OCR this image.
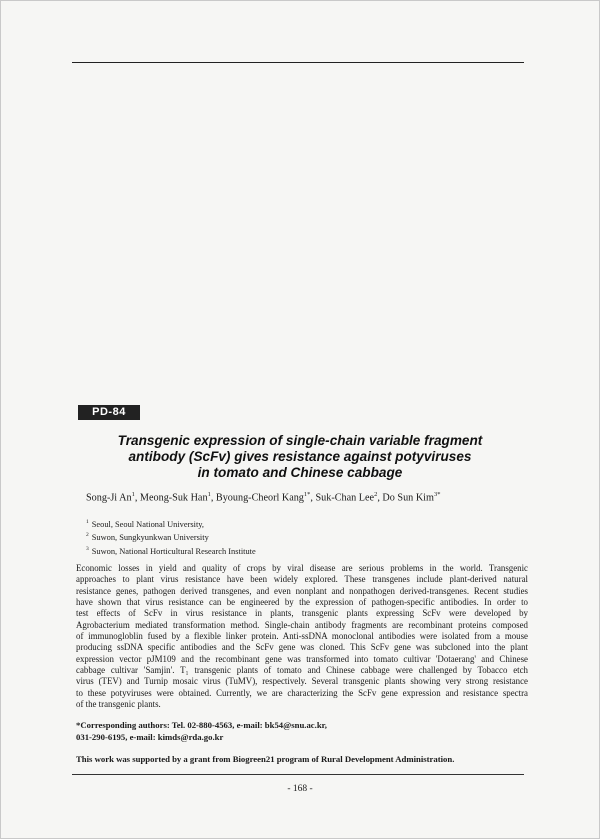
PD-84
Transgenic expression of single-chain variable fragment
antibody (ScFv) gives resistance against potyviruses
in tomato and Chinese cabbage
Song-Ji An$^1$, Meong-Suk Han$^1$, Byoung-Cheorl Kang$^{1*}$, Suk-Chan Lee$^2$, Do Sun Kim$^{3*}$
$^1$ Seoul, Seoul National University,
$^2$ Suwon, Sungkyunkwan University
$^3$ Suwon, National Horticultural Research Institute
Economic losses in yield and quality of crops by viral disease are serious problems in the world. Transgenic
approaches to plant virus resistance have been widely explored. These transgenes include plant-derived natural
resistance genes, pathogen derived transgenes, and even nonplant and nonpathogen derived-transgenes. Recent studies
have shown that virus resistance can be engineered by the expression of pathogen-specific antibodies. In order to
test effects of ScFv in virus resistance in plants, transgenic plants expressing ScFv were developed by
Agrobacterium mediated transformation method. Single-chain antibody fragments are recombinant proteins composed
of immunogloblin fused by a flexible linker protein. Anti-ssDNA monoclonal antibodies were isolated from a mouse
producing ssDNA specific antibodies and the ScFv gene was cloned. This ScFv gene was subcloned into the plant
expression vector pJM109 and the recombinant gene was transformed into tomato cultivar 'Dotaerang' and Chinese
cabbage cultivar 'Samjin'. T₁ transgenic plants of tomato and Chinese cabbage were challenged by Tobacco etch
virus (TEV) and Turnip mosaic virus (TuMV), respectively. Several transgenic plants showing very strong resistance
to these potyviruses were obtained. Currently, we are characterizing the ScFv gene expression and resistance spectra
of the transgenic plants.
*Corresponding authors: Tel. 02-880-4563, e-mail: bk54@snu.ac.kr,
031-290-6195, e-mail: kimds@rda.go.kr
This work was supported by a grant from Biogreen21 program of Rural Development Administration.
- 168 -
